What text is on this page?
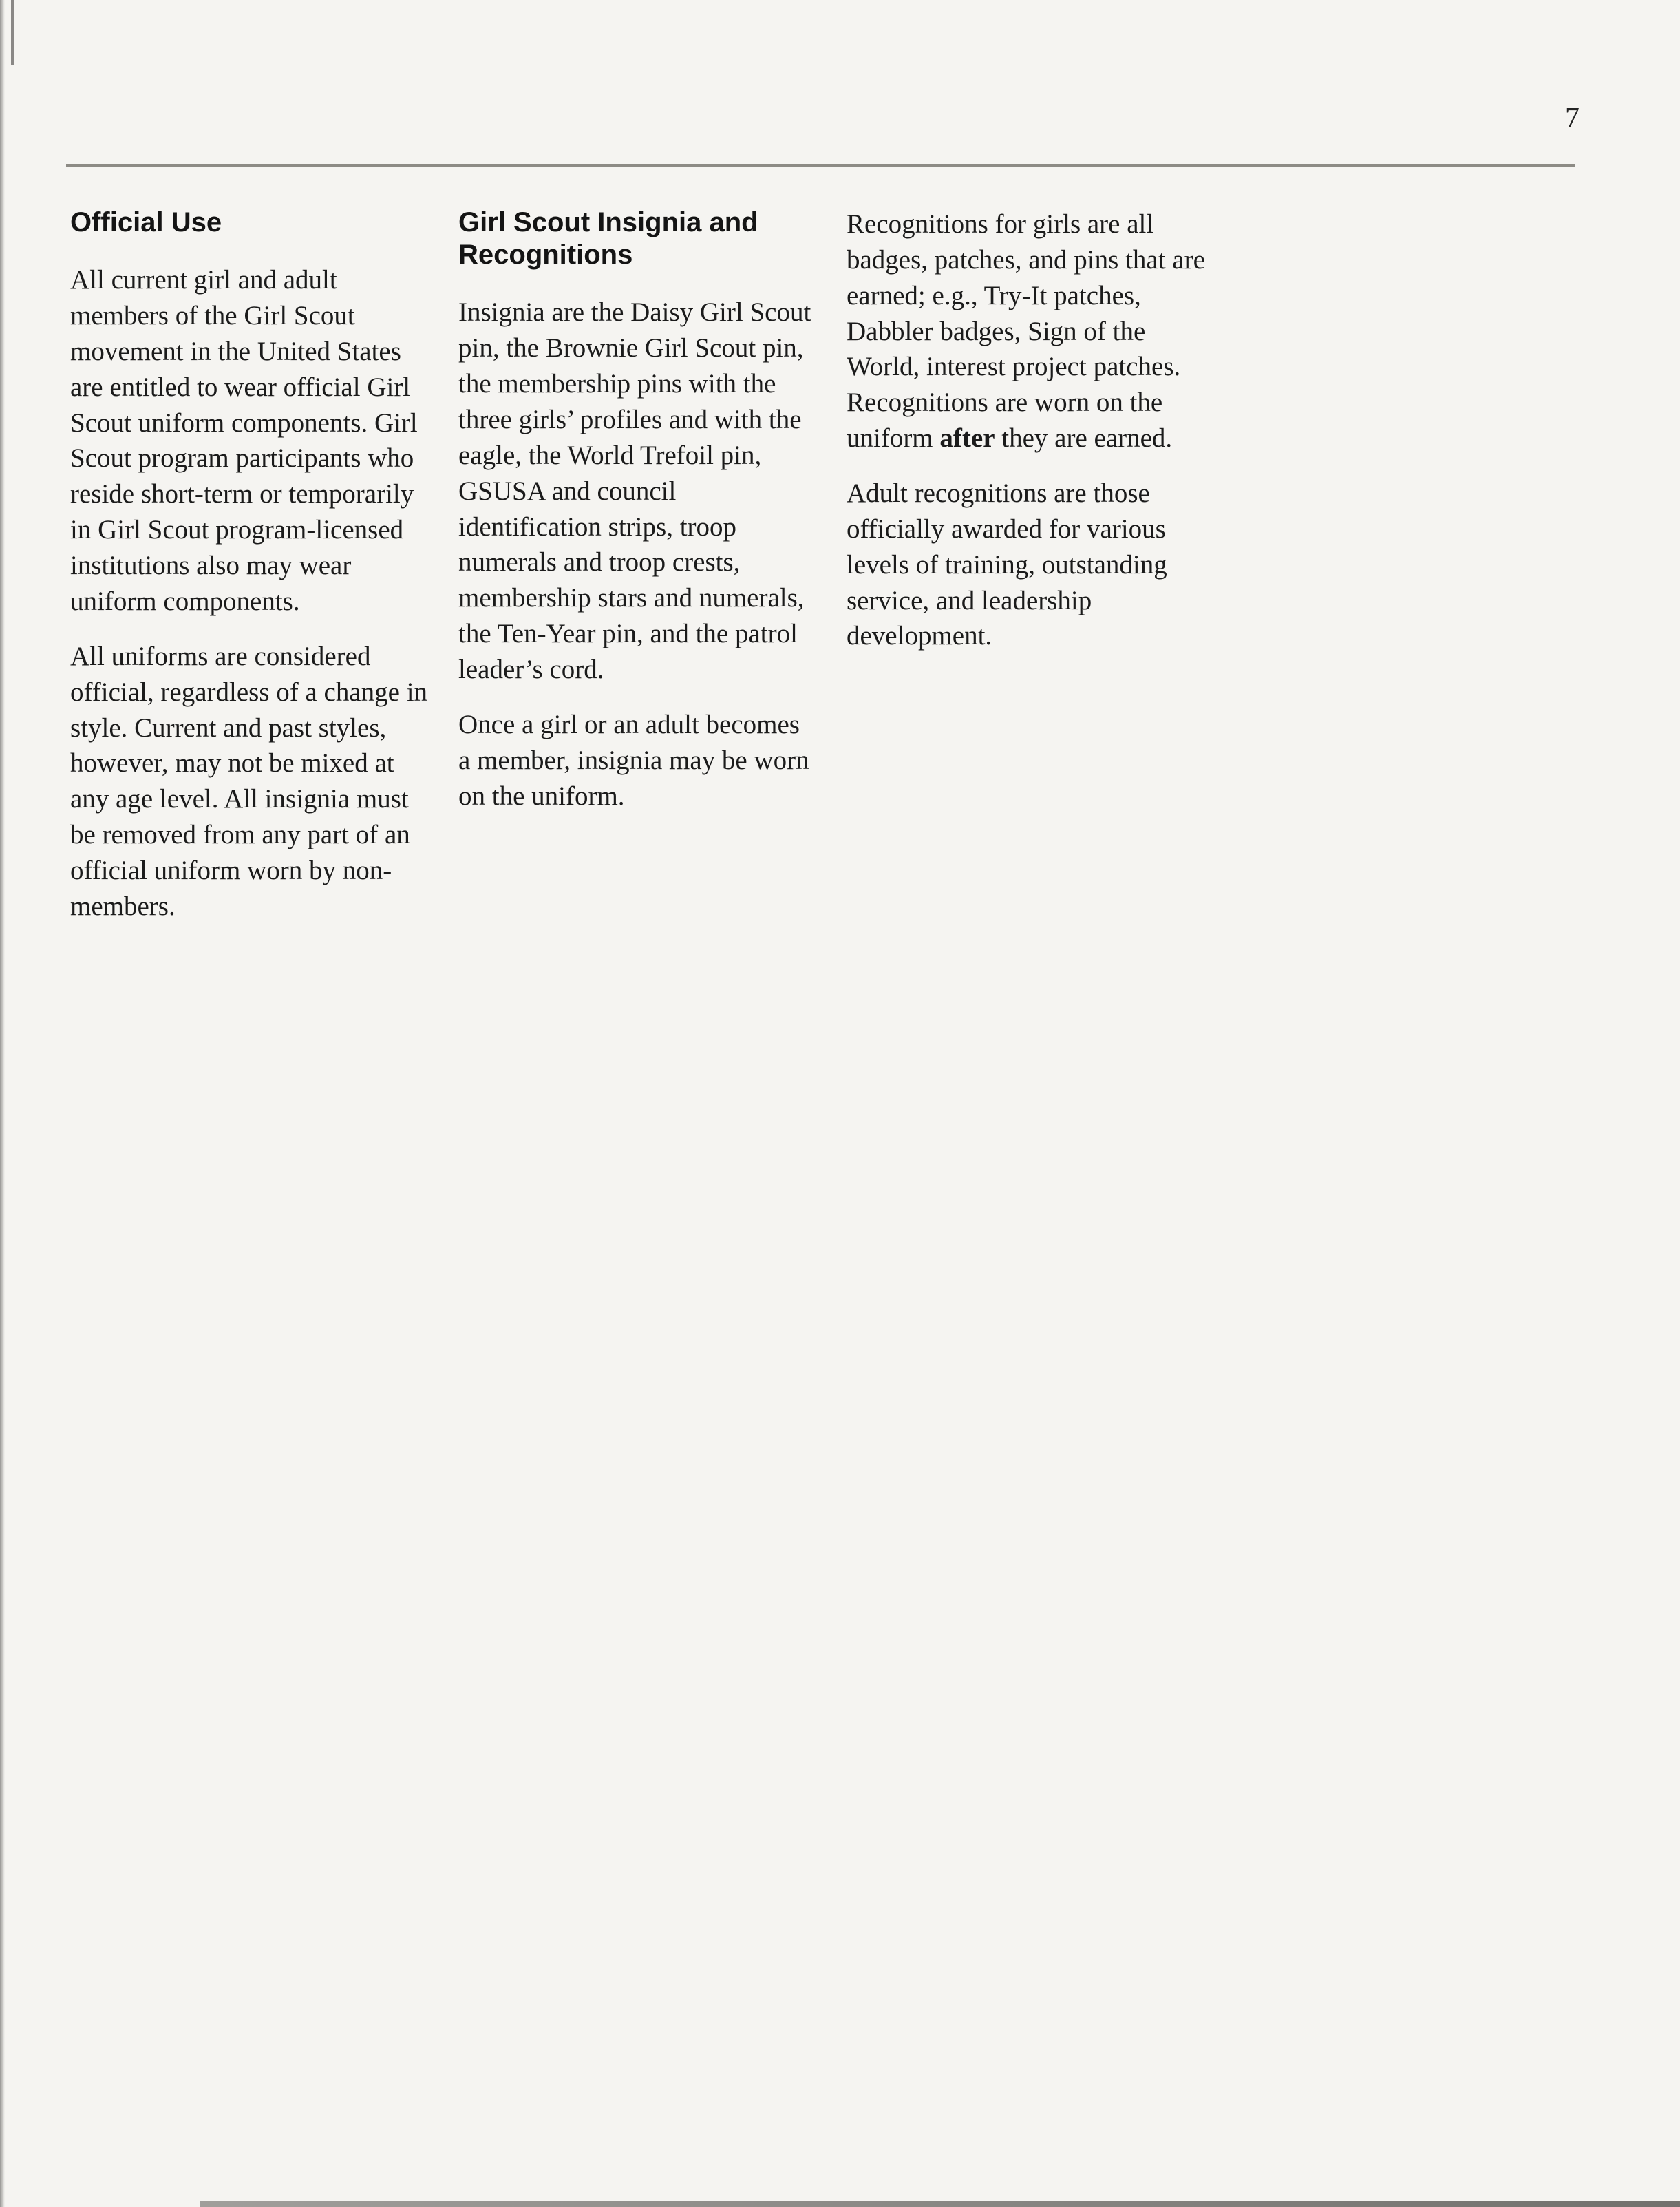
7
Official Use

All current girl and adult members of the Girl Scout movement in the United States are entitled to wear official Girl Scout uniform components. Girl Scout program participants who reside short-term or temporarily in Girl Scout program-licensed institutions also may wear uniform components.

All uniforms are considered official, regardless of a change in style. Current and past styles, however, may not be mixed at any age level. All insignia must be removed from any part of an official uniform worn by non-members.

Girl Scout Insignia and Recognitions

Insignia are the Daisy Girl Scout pin, the Brownie Girl Scout pin, the membership pins with the three girls’ profiles and with the eagle, the World Trefoil pin, GSUSA and council identification strips, troop numerals and troop crests, membership stars and numerals, the Ten-Year pin, and the patrol leader’s cord.

Once a girl or an adult becomes a member, insignia may be worn on the uniform.

Recognitions for girls are all badges, patches, and pins that are earned; e.g., Try-It patches, Dabbler badges, Sign of the World, interest project patches. Recognitions are worn on the uniform after they are earned.

Adult recognitions are those officially awarded for various levels of training, outstanding service, and leadership development.
